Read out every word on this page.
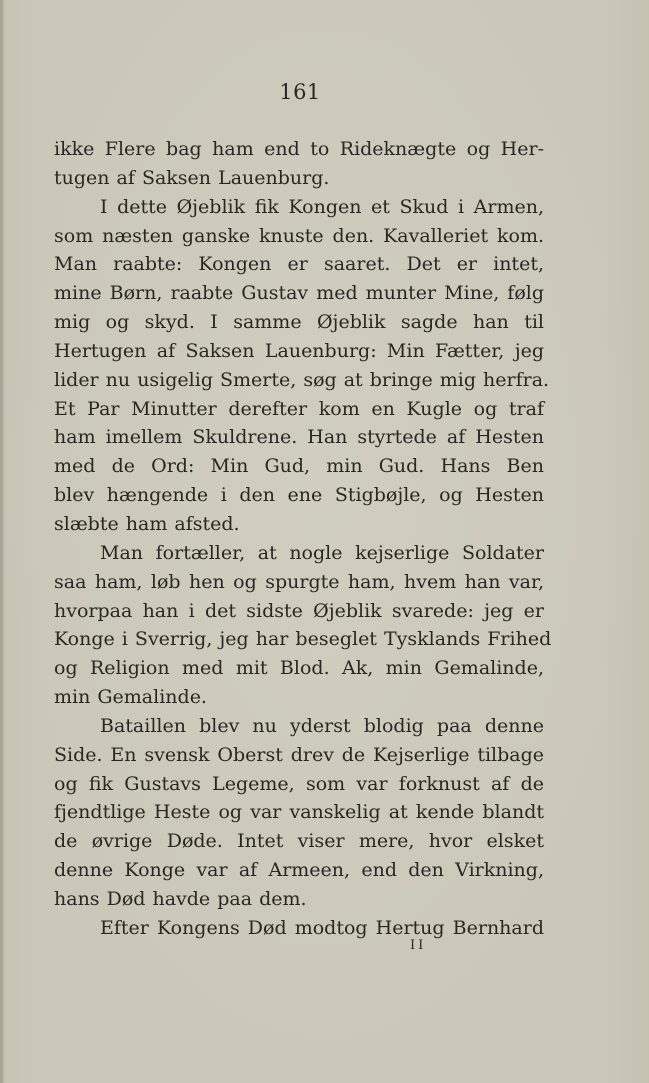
161
ikke Flere bag ham end to Rideknægte og Her-
tugen af Saksen Lauenburg.
I dette Øjeblik fik Kongen et Skud i Armen,
som næsten ganske knuste den. Kavalleriet kom.
Man raabte: Kongen er saaret. Det er intet,
mine Børn, raabte Gustav med munter Mine, følg
mig og skyd. I samme Øjeblik sagde han til
Hertugen af Saksen Lauenburg: Min Fætter, jeg
lider nu usigelig Smerte, søg at bringe mig herfra.
Et Par Minutter derefter kom en Kugle og traf
ham imellem Skuldrene. Han styrtede af Hesten
med de Ord: Min Gud, min Gud. Hans Ben
blev hængende i den ene Stigbøjle, og Hesten
slæbte ham afsted.
Man fortæller, at nogle kejserlige Soldater
saa ham, løb hen og spurgte ham, hvem han var,
hvorpaa han i det sidste Øjeblik svarede: jeg er
Konge i Sverrig, jeg har beseglet Tysklands Frihed
og Religion med mit Blod. Ak, min Gemalinde,
min Gemalinde.
Bataillen blev nu yderst blodig paa denne
Side. En svensk Oberst drev de Kejserlige tilbage
og fik Gustavs Legeme, som var forknust af de
fjendtlige Heste og var vanskelig at kende blandt
de øvrige Døde. Intet viser mere, hvor elsket
denne Konge var af Armeen, end den Virkning,
hans Død havde paa dem.
Efter Kongens Død modtog Hertug Bernhard
II
